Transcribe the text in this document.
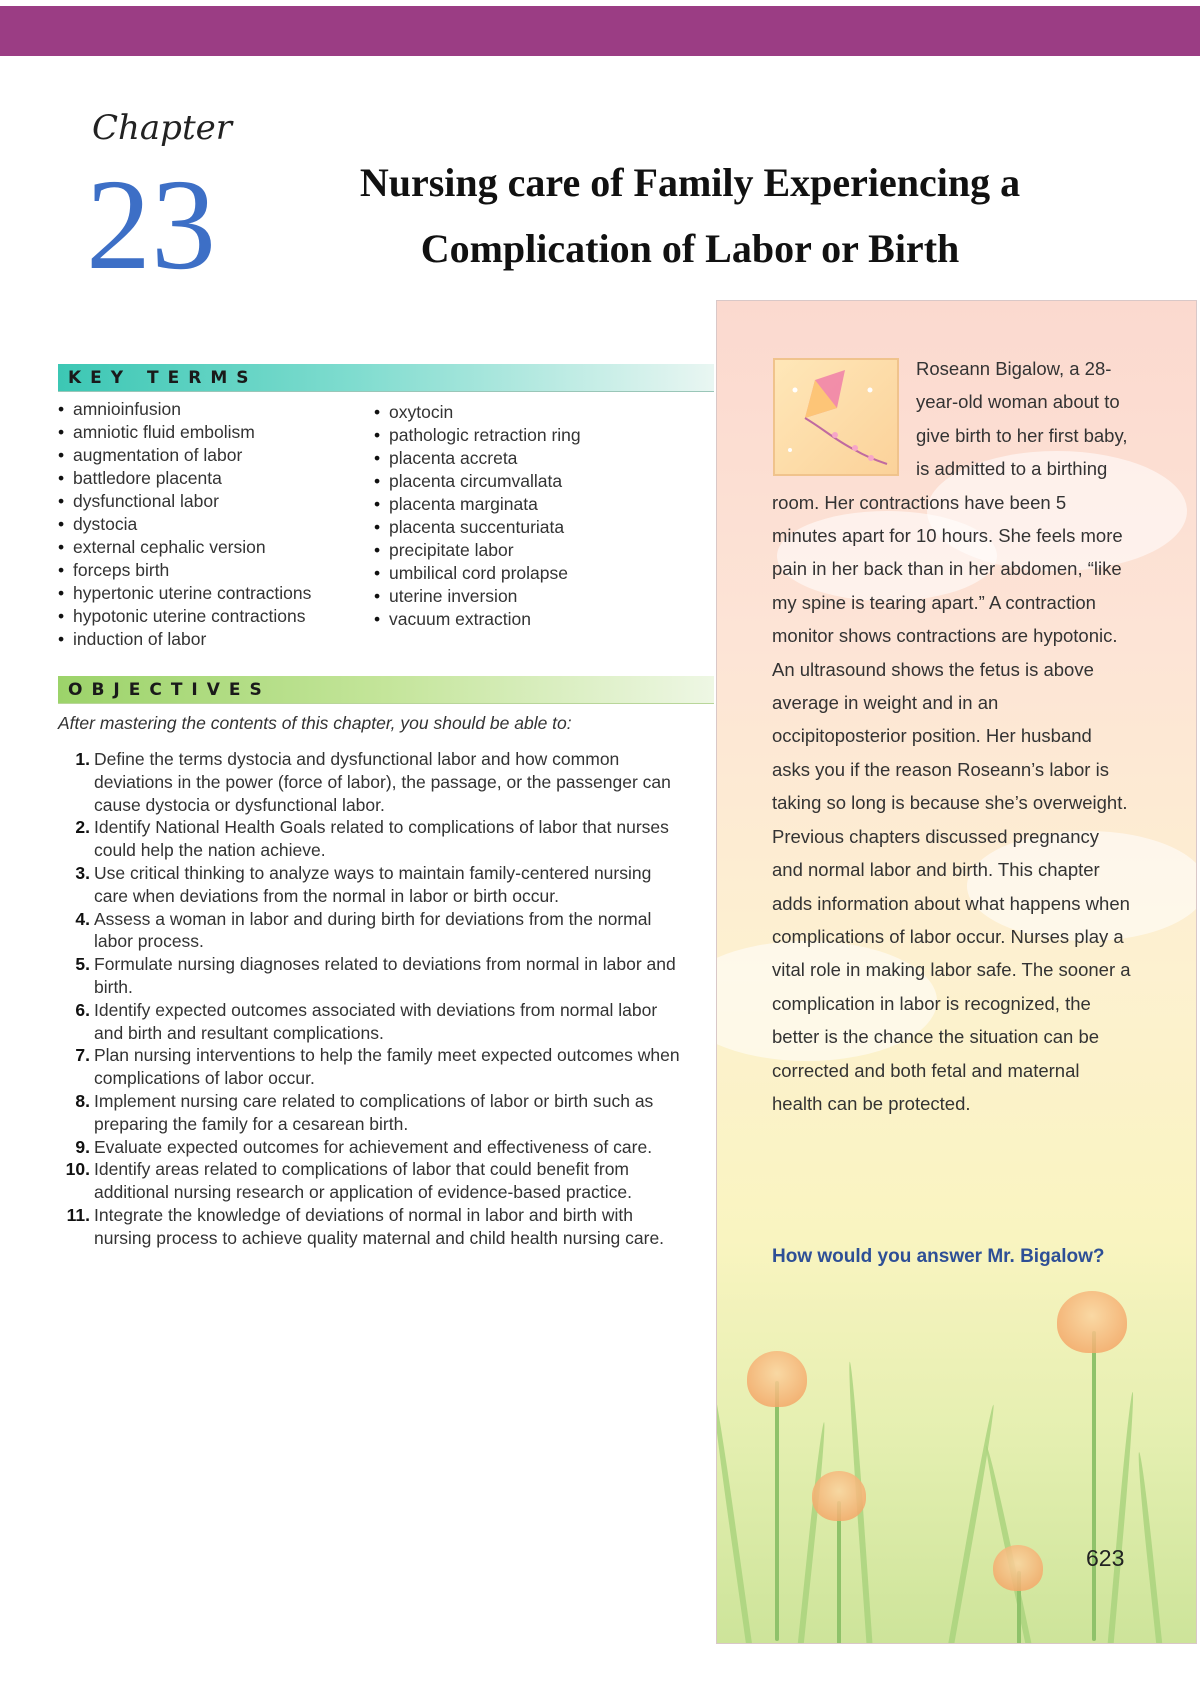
Chapter
23	Nursing care of Family Experiencing a
Complication of Labor or Birth
KEY TERMS
• amnioinfusion
• amniotic fluid embolism
• augmentation of labor
• battledore placenta
• dysfunctional labor
• dystocia
• external cephalic version
• forceps birth
• hypertonic uterine contractions
• hypotonic uterine contractions
• induction of labor
• oxytocin
• pathologic retraction ring
• placenta accreta
• placenta circumvallata
• placenta marginata
• placenta succenturiata
• precipitate labor
• umbilical cord prolapse
• uterine inversion
• vacuum extraction
OBJECTIVES
After mastering the contents of this chapter, you should be able to:
1. Define the terms dystocia and dysfunctional labor and how common deviations in the power (force of labor), the passage, or the passenger can cause dystocia or dysfunctional labor.
2. Identify National Health Goals related to complications of labor that nurses could help the nation achieve.
3. Use critical thinking to analyze ways to maintain family-centered nursing care when deviations from the normal in labor or birth occur.
4. Assess a woman in labor and during birth for deviations from the normal labor process.
5. Formulate nursing diagnoses related to deviations from normal in labor and birth.
6. Identify expected outcomes associated with deviations from normal labor and birth and resultant complications.
7. Plan nursing interventions to help the family meet expected outcomes when complications of labor occur.
8. Implement nursing care related to complications of labor or birth such as preparing the family for a cesarean birth.
9. Evaluate expected outcomes for achievement and effectiveness of care.
10. Identify areas related to complications of labor that could benefit from additional nursing research or application of evidence-based practice.
11. Integrate the knowledge of deviations of normal in labor and birth with nursing process to achieve quality maternal and child health nursing care.
Roseann Bigalow, a 28-year-old woman about to give birth to her first baby, is admitted to a birthing room. Her contractions have been 5 minutes apart for 10 hours. She feels more pain in her back than in her abdomen, “like my spine is tearing apart.” A contraction monitor shows contractions are hypotonic. An ultrasound shows the fetus is above average in weight and in an occipitoposterior position. Her husband asks you if the reason Roseann’s labor is taking so long is because she’s overweight.
Previous chapters discussed pregnancy and normal labor and birth. This chapter adds information about what happens when complications of labor occur. Nurses play a vital role in making labor safe. The sooner a complication in labor is recognized, the better is the chance the situation can be corrected and both fetal and maternal health can be protected.
How would you answer Mr. Bigalow?
623
